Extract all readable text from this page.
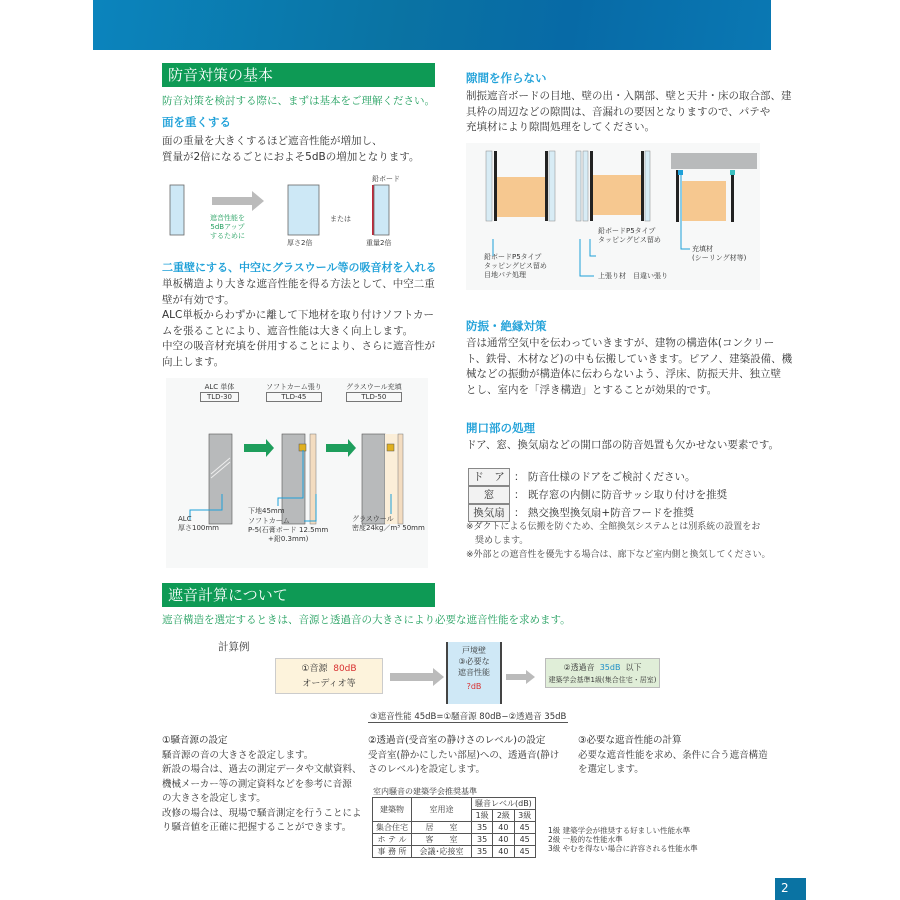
防音対策の基本
防音対策を検討する際に、まずは基本をご理解ください。
面を重くする
面の重量を大きくするほど遮音性能が増加し、
質量が2倍になるごとにおよそ5dBの増加となります。
鉛ボード
遮音性能を
5dBアップ
するために
厚さ2倍
または
重量2倍
二重壁にする、中空にグラスウール等の吸音材を入れる
単板構造より大きな遮音性能を得る方法として、中空二重
壁が有効です。
ALC単板からわずかに離して下地材を取り付けソフトカー
ムを張ることにより、遮音性能は大きく向上します。
中空の吸音材充填を併用することにより、さらに遮音性が
向上します。
ALC 単体
TLD-30
ソフトカーム張り
TLD-45
グラスウール充填
TLD-50
ALC
厚さ100mm
下地45mm
ソフトカーム
P-5(石膏ボード 12.5mm
+鉛0.3mm)
グラスウール
密度24kg／m³ 50mm
隙間を作らない
制振遮音ボードの目地、壁の出・入隅部、壁と天井・床の取合部、建
具枠の周辺などの隙間は、音漏れの要因となりますので、パテや
充填材により隙間処理をしてください。
鉛ボードP5タイプ
タッピングビス留め
目地パテ処理
鉛ボードP5タイプ
タッピングビス留め
上張り材　目違い張り
充填材
(シーリング材等)
防振・絶縁対策
音は通常空気中を伝わっていきますが、建物の構造体(コンクリー
ト、鉄骨、木材など)の中も伝搬していきます。ピアノ、建築設備、機
械などの振動が構造体に伝わらないよう、浮床、防振天井、独立壁
とし、室内を「浮き構造」とすることが効果的です。
開口部の処理
ドア、窓、換気扇などの開口部の防音処置も欠かせない要素です。
ド　ア ： 防音仕様のドアをご検討ください。
窓 ： 既存窓の内側に防音サッシ取り付けを推奨
換気扇 ： 熱交換型換気扇+防音フードを推奨
※ダクトによる伝搬を防ぐため、全館換気システムとは別系統の設置をお
　奨めします。
※外部との遮音性を優先する場合は、廊下など室内側と換気してください。
遮音計算について
遮音構造を選定するときは、音源と透過音の大きさにより必要な遮音性能を求めます。
計算例
①音源 80dB
オーディオ等
戸境壁
③必要な
遮音性能
?dB
②透過音 35dB 以下
建築学会基準1級(集合住宅・居室)
③遮音性能 45dB=①騒音源 80dB−②透過音 35dB
①騒音源の設定
騒音源の音の大きさを設定します。
新設の場合は、過去の測定データや文献資料、
機械メーカー等の測定資料などを参考に音源
の大きさを設定します。
改修の場合は、現場で騒音測定を行うことによ
り騒音値を正確に把握することができます。
②透過音(受音室の静けさのレベル)の設定
受音室(静かにしたい部屋)への、透過音(静け
さのレベル)を設定します。
③必要な遮音性能の計算
必要な遮音性能を求め、条件に合う遮音構造
を選定します。
室内騒音の建築学会推奨基準
建築物	室用途	騒音レベル(dB)		
		1級	2級	3級
集合住宅	居　　室	35	40	45
ホ テ ル	客　　室	35	40	45
事 務 所	会議･応接室	35	40	45
1級 建築学会が推奨する好ましい性能水準
2級 一般的な性能水準
3級 やむを得ない場合に許容される性能水準
2
